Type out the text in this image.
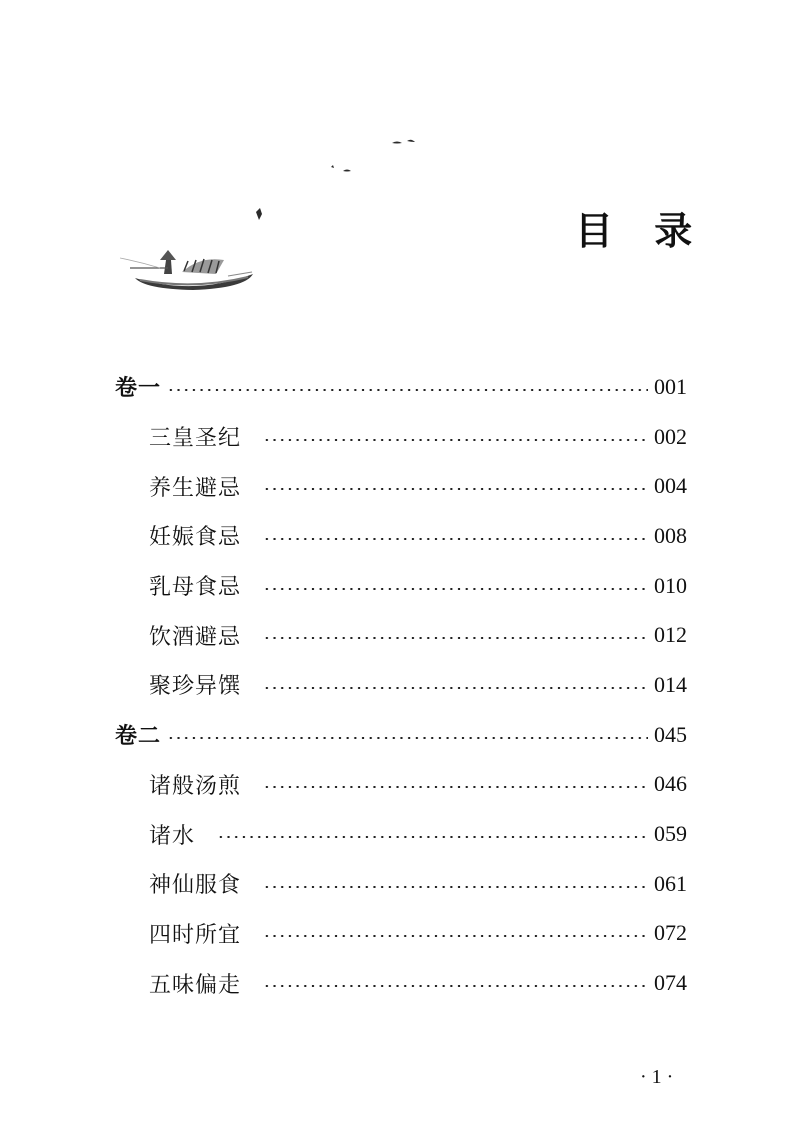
目 录
卷一	001
三皇圣纪	002
养生避忌	004
妊娠食忌	008
乳母食忌	010
饮酒避忌	012
聚珍异馔	014
卷二	045
诸般汤煎	046
诸水	059
神仙服食	061
四时所宜	072
五味偏走	074
· 1 ·
